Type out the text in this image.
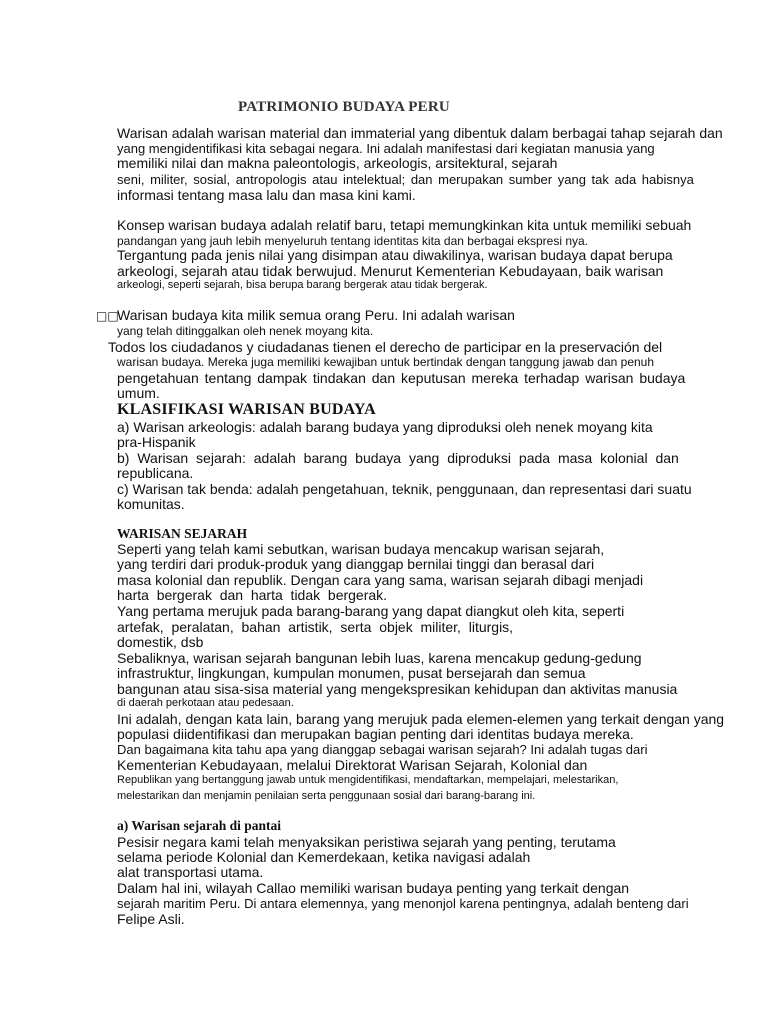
PATRIMONIO BUDAYA PERU
Warisan adalah warisan material dan immaterial yang dibentuk dalam berbagai tahap sejarah dan
yang mengidentifikasi kita sebagai negara. Ini adalah manifestasi dari kegiatan manusia yang
memiliki nilai dan makna paleontologis, arkeologis, arsitektural, sejarah
seni, militer, sosial, antropologis atau intelektual; dan merupakan sumber yang tak ada habisnya
informasi tentang masa lalu dan masa kini kami.
Konsep warisan budaya adalah relatif baru, tetapi memungkinkan kita untuk memiliki sebuah
pandangan yang jauh lebih menyeluruh tentang identitas kita dan berbagai ekspresi nya.
Tergantung pada jenis nilai yang disimpan atau diwakilinya, warisan budaya dapat berupa
arkeologi, sejarah atau tidak berwujud. Menurut Kementerian Kebudayaan, baik warisan
arkeologi, seperti sejarah, bisa berupa barang bergerak atau tidak bergerak.
□□
Warisan budaya kita milik semua orang Peru. Ini adalah warisan
yang telah ditinggalkan oleh nenek moyang kita.
Todos los ciudadanos y ciudadanas tienen el derecho de participar en la preservación del
warisan budaya. Mereka juga memiliki kewajiban untuk bertindak dengan tanggung jawab dan penuh
pengetahuan tentang dampak tindakan dan keputusan mereka terhadap warisan budaya
umum.
KLASIFIKASI WARISAN BUDAYA
a) Warisan arkeologis: adalah barang budaya yang diproduksi oleh nenek moyang kita
pra-Hispanik
b) Warisan sejarah: adalah barang budaya yang diproduksi pada masa kolonial dan
republicana.
c) Warisan tak benda: adalah pengetahuan, teknik, penggunaan, dan representasi dari suatu
komunitas.
WARISAN SEJARAH
Seperti yang telah kami sebutkan, warisan budaya mencakup warisan sejarah,
yang terdiri dari produk-produk yang dianggap bernilai tinggi dan berasal dari
masa kolonial dan republik. Dengan cara yang sama, warisan sejarah dibagi menjadi
harta  bergerak  dan  harta  tidak  bergerak.
Yang pertama merujuk pada barang-barang yang dapat diangkut oleh kita, seperti
artefak,  peralatan,  bahan  artistik,  serta  objek  militer,  liturgis,
domestik, dsb
Sebaliknya, warisan sejarah bangunan lebih luas, karena mencakup gedung-gedung
infrastruktur, lingkungan, kumpulan monumen, pusat bersejarah dan semua
bangunan atau sisa-sisa material yang mengekspresikan kehidupan dan aktivitas manusia
di daerah perkotaan atau pedesaan.
Ini adalah, dengan kata lain, barang yang merujuk pada elemen-elemen yang terkait dengan yang
populasi diidentifikasi dan merupakan bagian penting dari identitas budaya mereka.
Dan bagaimana kita tahu apa yang dianggap sebagai warisan sejarah? Ini adalah tugas dari
Kementerian Kebudayaan, melalui Direktorat Warisan Sejarah, Kolonial dan
Republikan yang bertanggung jawab untuk mengidentifikasi, mendaftarkan, mempelajari, melestarikan,
melestarikan dan menjamin penilaian serta penggunaan sosial dari barang-barang ini.
a) Warisan sejarah di pantai
Pesisir negara kami telah menyaksikan peristiwa sejarah yang penting, terutama
selama periode Kolonial dan Kemerdekaan, ketika navigasi adalah
alat transportasi utama.
Dalam hal ini, wilayah Callao memiliki warisan budaya penting yang terkait dengan
sejarah maritim Peru. Di antara elemennya, yang menonjol karena pentingnya, adalah benteng dari
Felipe Asli.
